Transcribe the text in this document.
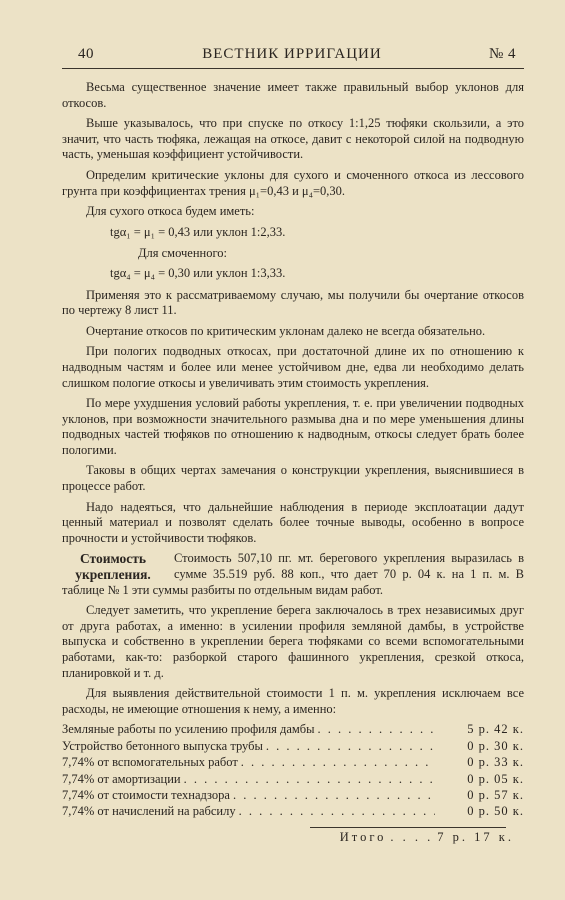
40	ВЕСТНИК ИРРИГАЦИИ	№ 4

Весьма существенное значение имеет также правильный выбор уклонов для откосов.

Выше указывалось, что при спуске по откосу 1:1,25 тюфяки скользили, а это значит, что часть тюфяка, лежащая на откосе, давит с некоторой силой на подводную часть, уменьшая коэффициент устойчивости.

Определим критические уклоны для сухого и смоченного откоса из лессового грунта при коэффициентах трения μ₁=0,43 и μ₄=0,30.

Для сухого откоса будем иметь:

tgα₁ = μ₁ = 0,43 или уклон 1:2,33.
Для смоченного:
tgα₄ = μ₄ = 0,30 или уклон 1:3,33.

Применяя это к рассматриваемому случаю, мы получили бы очертание откосов по чертежу 8 лист 11.

Очертание откосов по критическим уклонам далеко не всегда обязательно.

При пологих подводных откосах, при достаточной длине их по отношению к надводным частям и более или менее устойчивом дне, едва ли необходимо делать слишком пологие откосы и увеличивать этим стоимость укрепления.

По мере ухудшения условий работы укрепления, т. е. при увеличении подводных уклонов, при возможности значительного размыва дна и по мере уменьшения длины подводных частей тюфяков по отношению к надводным, откосы следует брать более пологими.

Таковы в общих чертах замечания о конструкции укрепления, выяснившиеся в процессе работ.

Надо надеяться, что дальнейшие наблюдения в периоде эксплоатации дадут ценный материал и позволят сделать более точные выводы, особенно в вопросе прочности и устойчивости тюфяков.

Стоимость укрепления.

Стоимость 507,10 пг. мт. берегового укрепления выразилась в сумме 35.519 руб. 88 коп., что дает 70 р. 04 к. на 1 п. м. В таблице № 1 эти суммы разбиты по отдельным видам работ.

Следует заметить, что укрепление берега заключалось в трех независимых друг от друга работах, а именно: в усилении профиля земляной дамбы, в устройстве выпуска и собственно в укреплении берега тюфяками со всеми вспомогательными работами, как-то: разборкой старого фашинного укрепления, срезкой откоса, планировкой и т. д.

Для выявления действительной стоимости 1 п. м. укрепления исключаем все расходы, не имеющие отношения к нему, а именно:

Земляные работы по усилению профиля дамбы . . .	5 р. 42 к.
Устройство бетонного выпуска трубы . . .	0 р. 30 к.
7,74% от вспомогательных работ . . .	0 р. 33 к.
7,74% от амортизации . . .	0 р. 05 к.
7,74% от стоимости технадзора . . .	0 р. 57 к.
7,74% от начислений на рабсилу . . .	0 р. 50 к.
Итого . . . . 7 р. 17 к.
